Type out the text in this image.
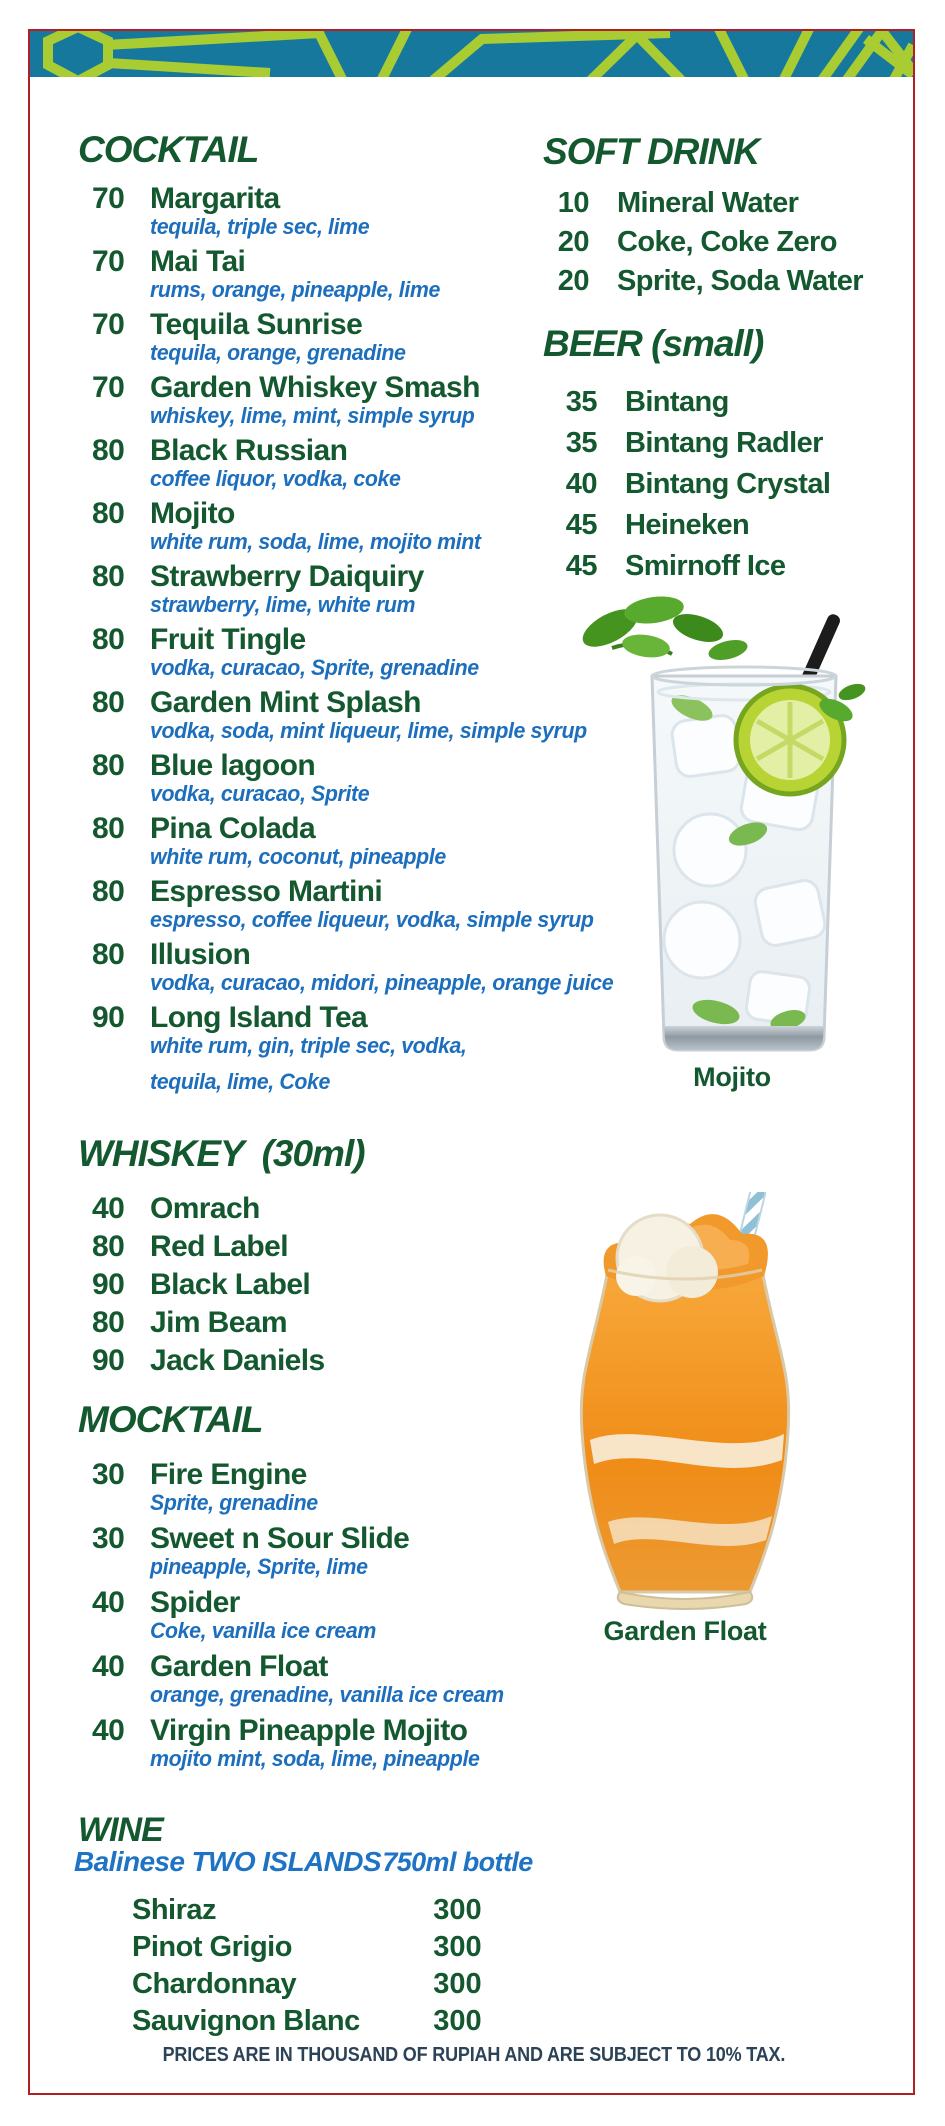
Mojito
Garden Float
COCKTAIL
70 Margarita
tequila, triple sec, lime
70 Mai Tai
rums, orange, pineapple, lime
70 Tequila Sunrise
tequila, orange, grenadine
70 Garden Whiskey Smash
whiskey, lime, mint, simple syrup
80 Black Russian
coffee liquor, vodka, coke
80 Mojito
white rum, soda, lime, mojito mint
80 Strawberry Daiquiry
strawberry, lime, white rum
80 Fruit Tingle
vodka, curacao, Sprite, grenadine
80 Garden Mint Splash
vodka, soda, mint liqueur, lime, simple syrup
80 Blue lagoon
vodka, curacao, Sprite
80 Pina Colada
white rum, coconut, pineapple
80 Espresso Martini
espresso, coffee liqueur, vodka, simple syrup
80 Illusion
vodka, curacao, midori, pineapple, orange juice
90 Long Island Tea
white rum, gin, triple sec, vodka,
tequila, lime, Coke
WHISKEY  (30ml)
40 Omrach
80 Red Label
90 Black Label
80 Jim Beam
90 Jack Daniels
MOCKTAIL
30 Fire Engine
Sprite, grenadine
30 Sweet n Sour Slide
pineapple, Sprite, lime
40 Spider
Coke, vanilla ice cream
40 Garden Float
orange, grenadine, vanilla ice cream
40 Virgin Pineapple Mojito
mojito mint, soda, lime, pineapple
SOFT DRINK
10 Mineral Water
20 Coke, Coke Zero
20 Sprite, Soda Water
BEER (small)
35 Bintang
35 Bintang Radler
40 Bintang Crystal
45 Heineken
45 Smirnoff Ice
WINE
Balinese TWO ISLANDS 750ml bottle
Shiraz	300
Pinot Grigio	300
Chardonnay	300
Sauvignon Blanc	300
PRICES ARE IN THOUSAND OF RUPIAH AND ARE SUBJECT TO 10% TAX.
